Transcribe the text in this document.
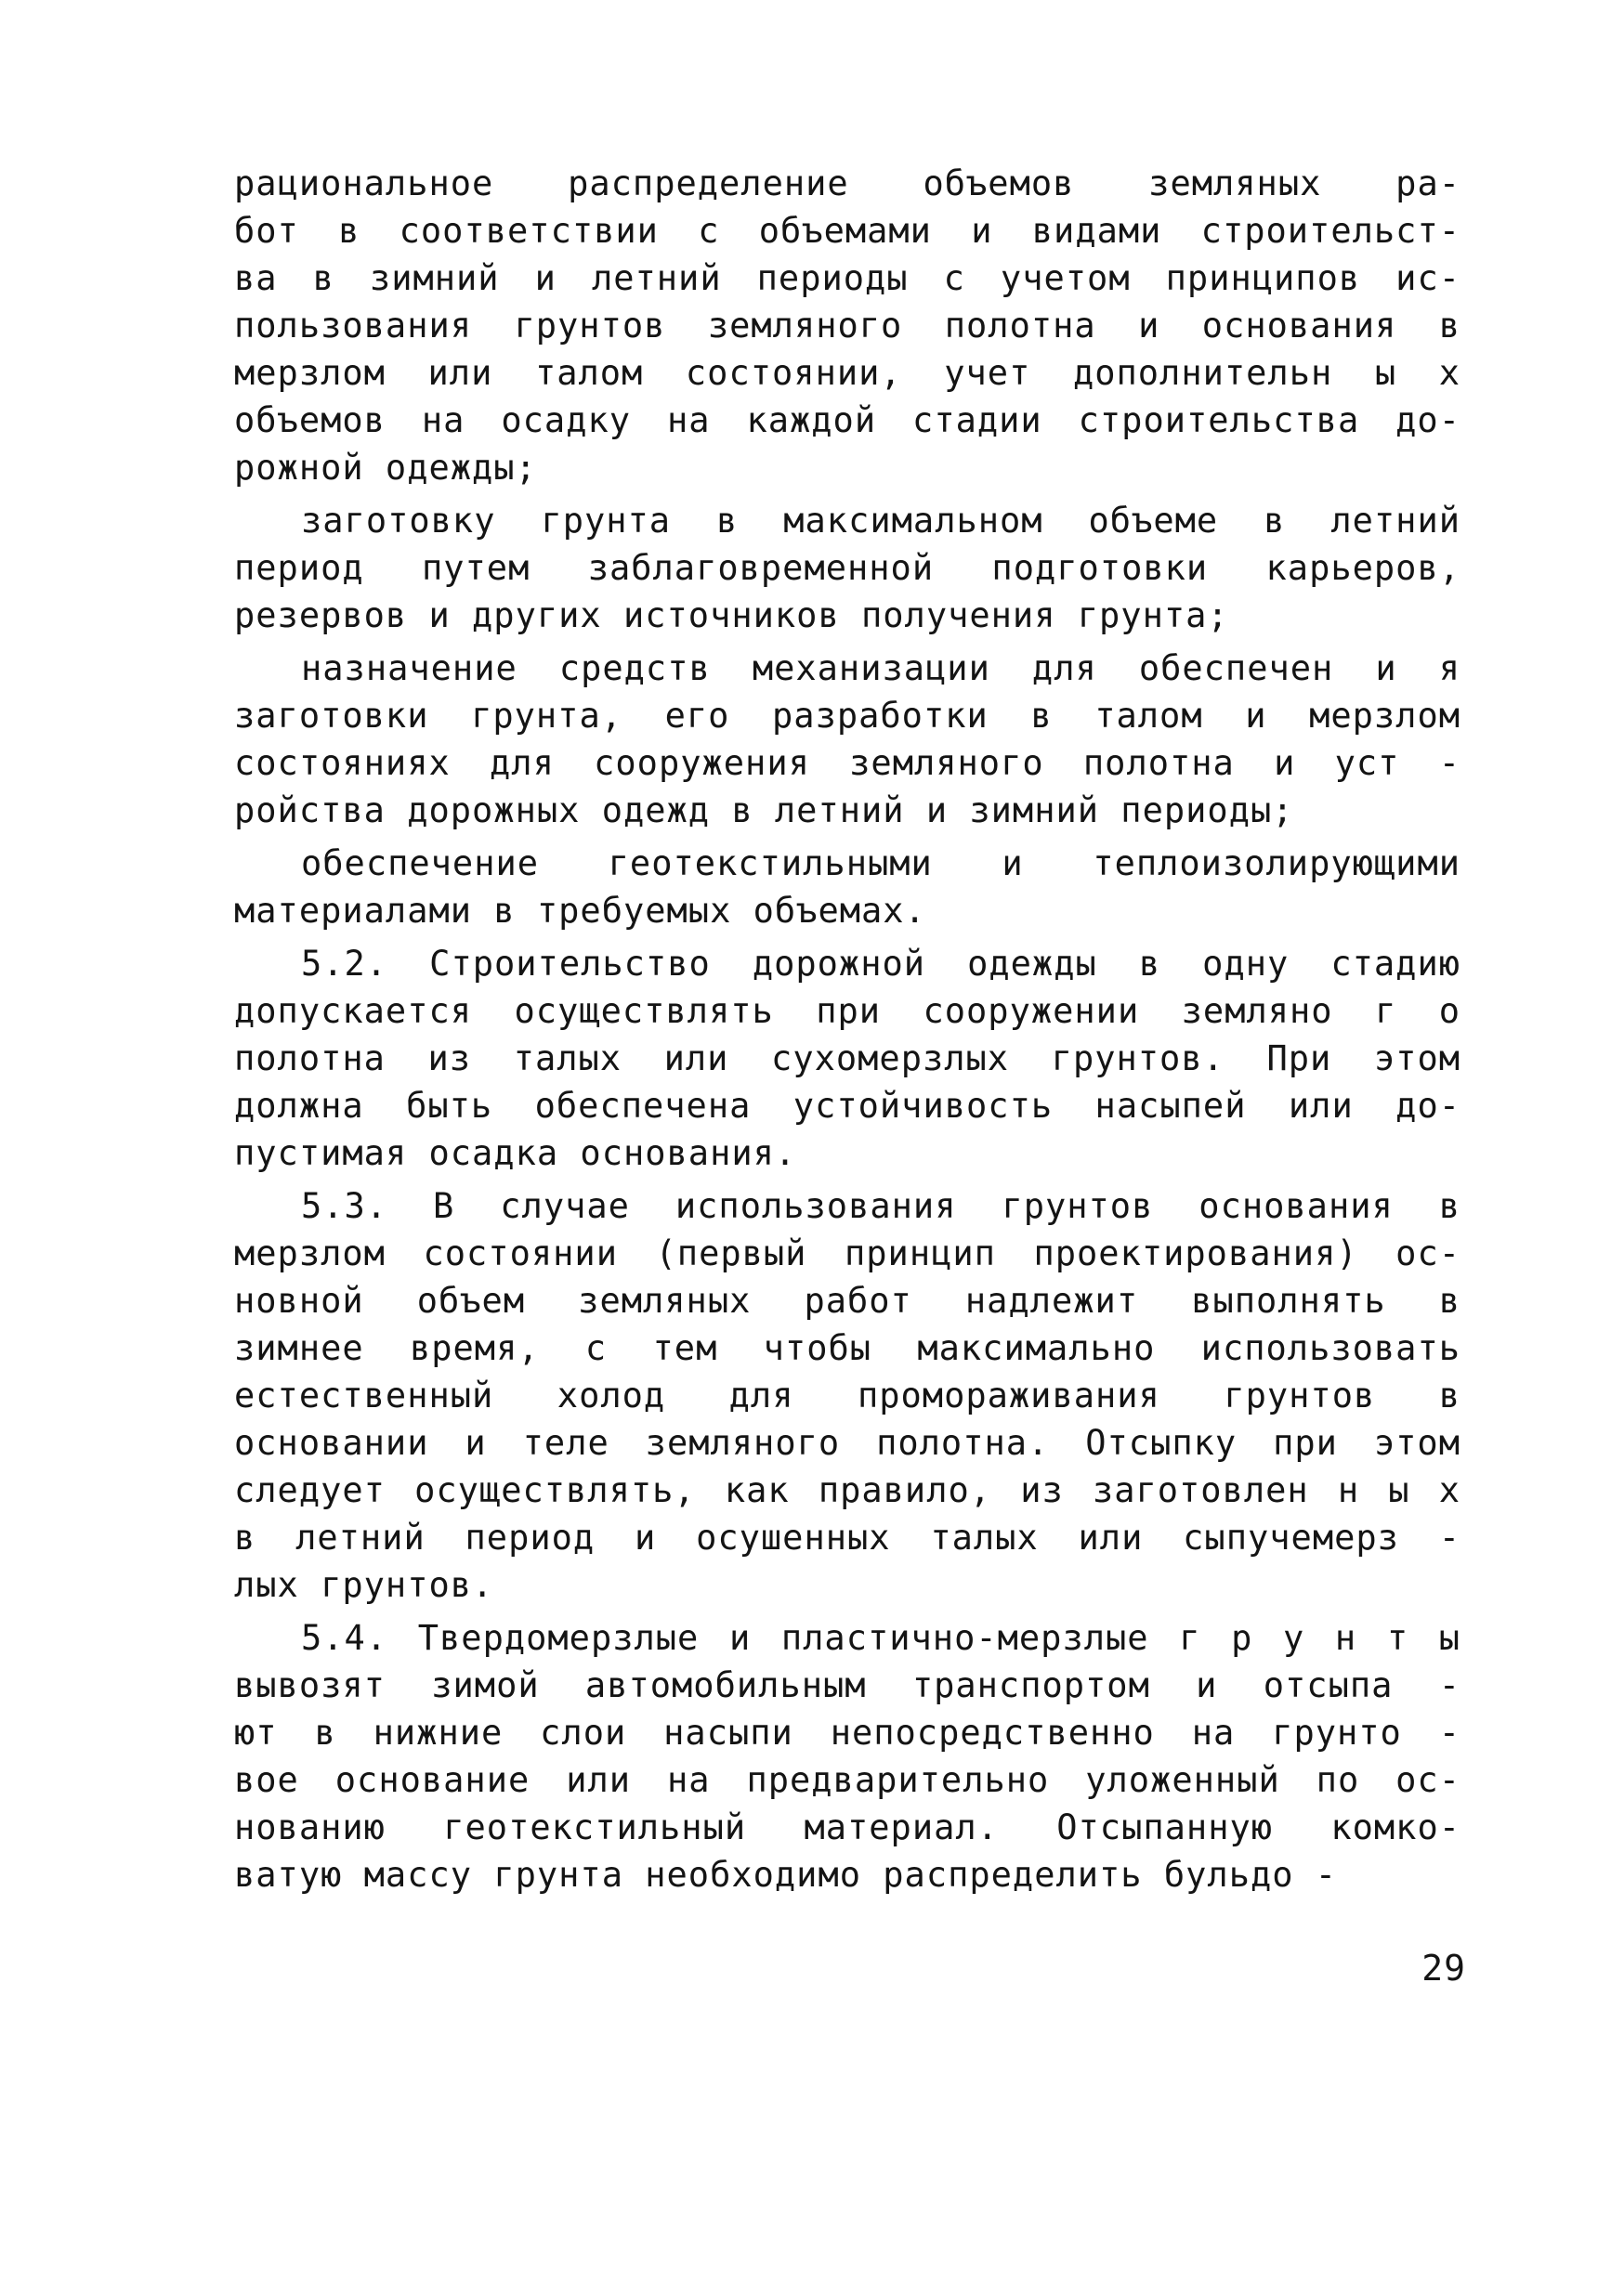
рациональное распределение объемов земляных ра-
бот в соответствии с объемами и видами строительст-
ва в зимний и летний периоды с учетом принципов ис-
пользования грунтов земляного полотна и основания в
мерзлом или талом состоянии, учет дополнительн ы х
объемов на осадку на каждой стадии строительства до-
рожной одежды;
заготовку грунта в максимальном объеме в летний
период путем заблаговременной подготовки карьеров,
резервов и других источников получения грунта;
назначение средств механизации для обеспечен и я
заготовки грунта, его разработки в талом и мерзлом
состояниях для сооружения земляного полотна и уст -
ройства дорожных одежд в летний и зимний периоды;
обеспечение геотекстильными и теплоизолирующими
материалами в требуемых объемах.
5.2. Строительство дорожной одежды в одну стадию
допускается осуществлять при сооружении земляно г о
полотна из талых или сухомерзлых грунтов. При этом
должна быть обеспечена устойчивость насыпей или до-
пустимая осадка основания.
5.3. В случае использования грунтов основания в
мерзлом состоянии (первый принцип проектирования) ос-
новной объем земляных работ надлежит выполнять в
зимнее время, с тем чтобы максимально использовать
естественный холод для промораживания грунтов в
основании и теле земляного полотна. Отсыпку при этом
следует осуществлять, как правило, из заготовлен н ы х
в летний период и осушенных талых или сыпучемерз -
лых грунтов.
5.4. Твердомерзлые и пластично-мерзлые г р у н т ы
вывозят зимой автомобильным транспортом и отсыпа -
ют в нижние слои насыпи непосредственно на грунто -
вое основание или на предварительно уложенный по ос-
нованию геотекстильный материал. Отсыпанную комко-
ватую массу грунта необходимо распределить бульдо -
29
